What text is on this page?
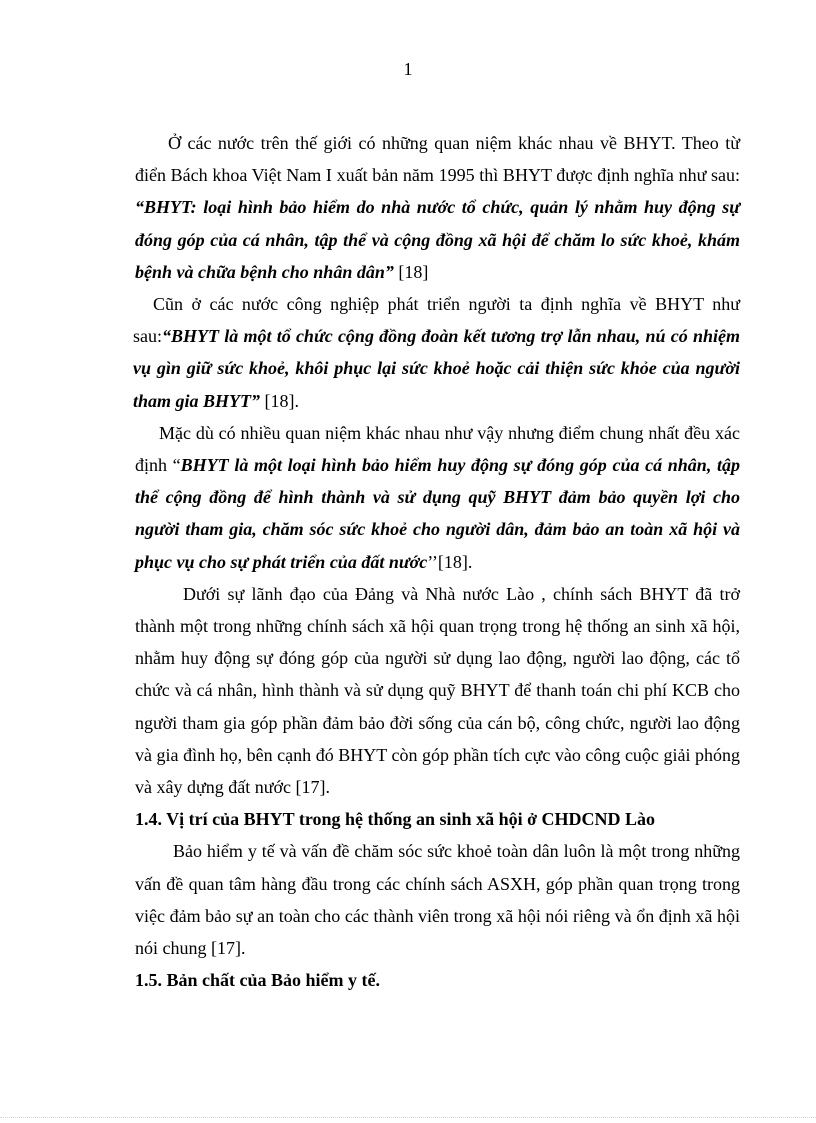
1

Ở các nước trên thế giới có những quan niệm khác nhau về BHYT. Theo từ điển Bách khoa Việt Nam I xuất bản năm 1995 thì BHYT được định nghĩa như sau: “BHYT: loại hình bảo hiểm do nhà nước tổ chức, quản lý nhằm huy động sự đóng góp của cá nhân, tập thể và cộng đồng xã hội để chăm lo sức khoẻ, khám bệnh và chữa bệnh cho nhân dân” [18]

Cũn ở các nước công nghiệp phát triển người ta định nghĩa về BHYT như sau:“BHYT là một tổ chức cộng đồng đoàn kết tương trợ lẫn nhau, nú có nhiệm vụ gìn giữ sức khoẻ, khôi phục lại sức khoẻ hoặc cải thiện sức khỏe của người tham gia BHYT” [18].

Mặc dù có nhiều quan niệm khác nhau như vậy nhưng điểm chung nhất đều xác định “BHYT là một loại hình bảo hiểm huy động sự đóng góp của cá nhân, tập thể cộng đồng để hình thành và sử dụng quỹ BHYT đảm bảo quyền lợi cho người tham gia, chăm sóc sức khoẻ cho người dân, đảm bảo an toàn xã hội và phục vụ cho sự phát triển của đất nước’’[18].

Dưới sự lãnh đạo của Đảng và Nhà nước Lào , chính sách BHYT đã trở thành một trong những chính sách xã hội quan trọng trong hệ thống an sinh xã hội, nhằm huy động sự đóng góp của người sử dụng lao động, người lao động, các tổ chức và cá nhân, hình thành và sử dụng quỹ BHYT để thanh toán chi phí KCB cho người tham gia góp phần đảm bảo đời sống của cán bộ, công chức, người lao động và gia đình họ, bên cạnh đó BHYT còn góp phần tích cực vào công cuộc giải phóng và xây dựng đất nước [17].

1.4. Vị trí của BHYT trong hệ thống an sinh xã hội ở CHDCND Lào

Bảo hiểm y tế và vấn đề chăm sóc sức khoẻ toàn dân luôn là một trong những vấn đề quan tâm hàng đầu trong các chính sách ASXH, góp phần quan trọng trong việc đảm bảo sự an toàn cho các thành viên trong xã hội nói riêng và ổn định xã hội nói chung [17].

1.5. Bản chất của Bảo hiểm y tế.
